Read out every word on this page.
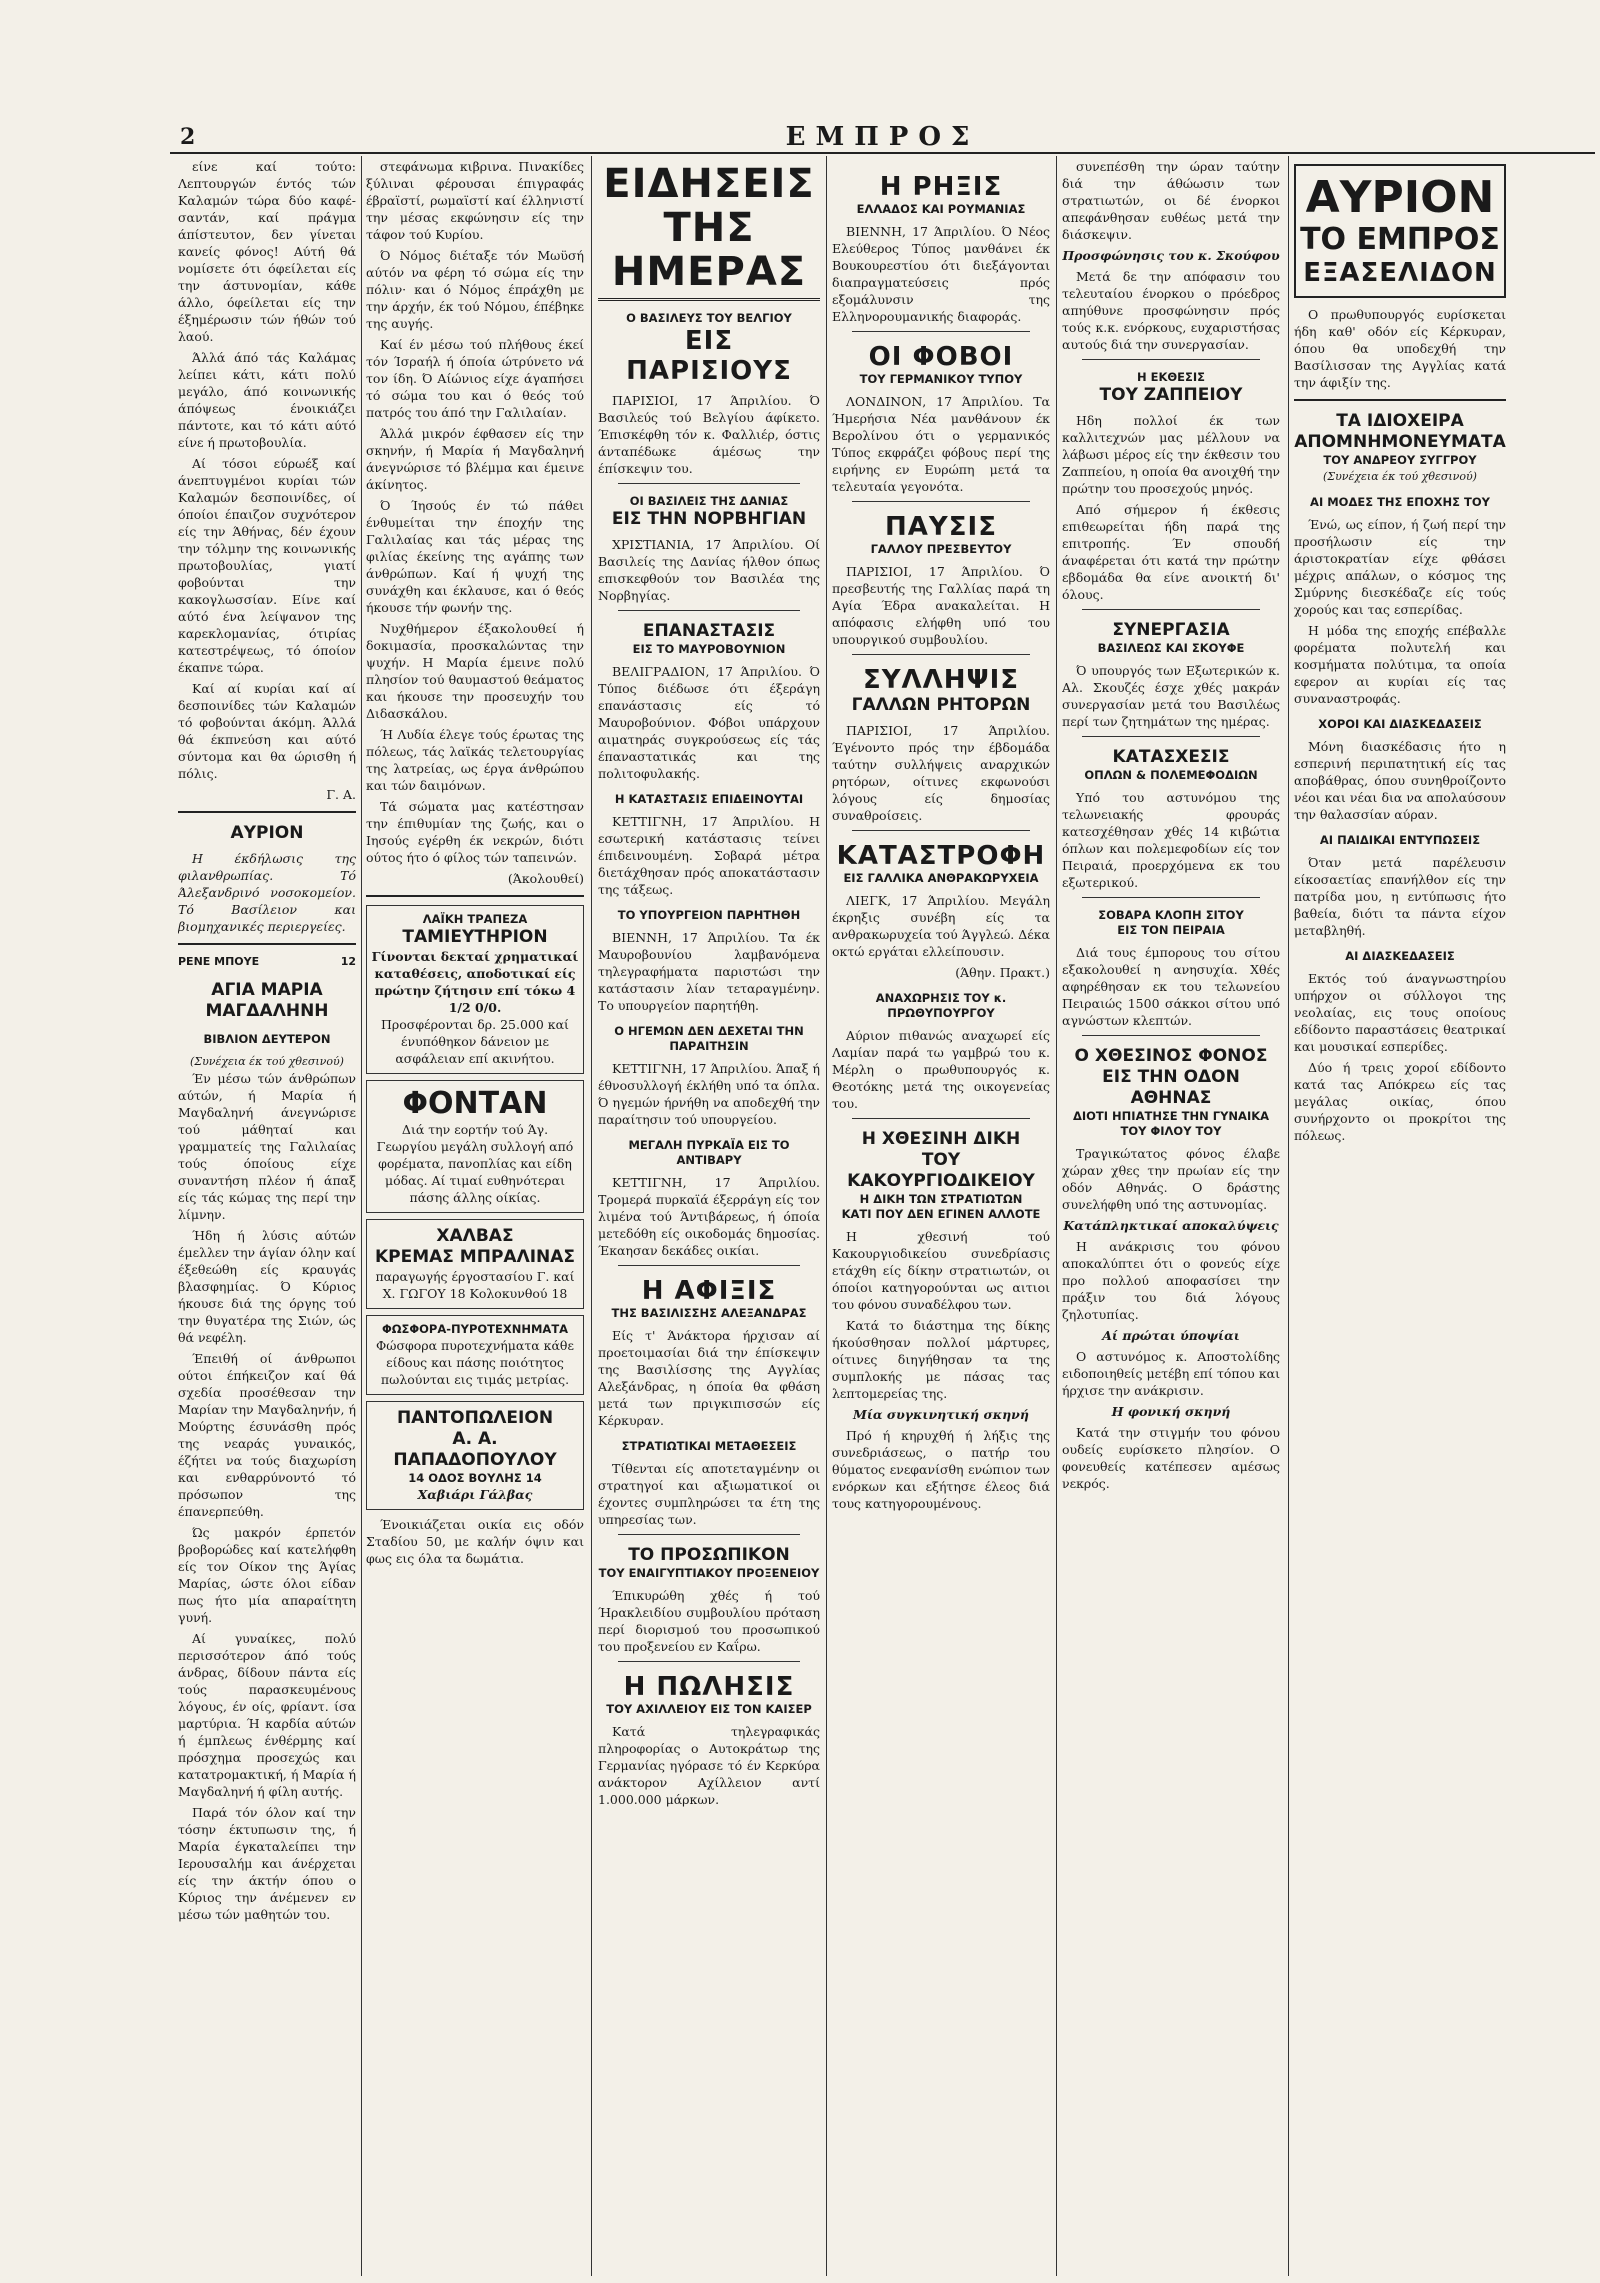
2	ΕΜΠΡΟΣ

είνε καί τούτο: Λεπτουργών έντός τών Καλαμών τώρα δύο καφέ-σαντάν, καί πράγμα άπίστευτον, δεν γίνεται κανείς φόνος! Αύτή θά νομίσετε ότι όφείλεται είς την άστυνομίαν, κάθε άλλο, όφείλεται είς την έξημέρωσιν τών ήθών τού λαού.

Άλλά άπό τάς Καλάμας λείπει κάτι, κάτι πολύ μεγάλο, άπό κοινωνικής άπόψεως ένοικιάζει πάντοτε, και τό κάτι αύτό είνε ή πρωτοβουλία.

Αί τόσοι εύρωέξ καί άνεπτυγμένοι κυρίαι τών Καλαμών δεσποινίδες, οί όποίοι έπαιζον συχνότερον είς την Άθήνας, δέν έχουν την τόλμην της κοινωνικής πρωτοβουλίας, γιατί φοβούνται την κακογλωσσίαν. Είνε καί αύτό ένα λείψανον της καρεκλομανίας, ότιρίας κατεστρέψεως, τό όποίον έκαπνε τώρα.

Καί αί κυρίαι καί αί δεσποινίδες τών Καλαμών τό φοβούνται άκόμη. Άλλά θά έκπνεύση και αύτό σύντομα και θα ώρισθη ή πόλις.

Γ. Α.
ΑΥΡΙΟΝ

Η έκδήλωσις της φιλανθρωπίας. Τό Άλεξανδρινό νοσοκομείον. Τό Βασίλειον και βιομηχανικές περιεργείες.

ΡΕΝΕ ΜΠΟΥΕ	12
ΑΓΙΑ ΜΑΡΙΑ ΜΑΓΔΑΛΗΝΗ
ΒΙΒΛΙΟΝ ΔΕΥΤΕΡΟΝ
(Συνέχεια έκ τού χθεσινού)

Έν μέσω τών άνθρώπων αύτών, ή Μαρία ή Μαγδαληνή άνεγνώρισε τού μάθηταί και γραμματείς της Γαλιλαίας τούς όποίους είχε συναντήση πλέον ή άπαξ είς τάς κώμας της περί την λίμνην.

Ήδη ή λύσις αύτών έμελλεν την άγίαν όλην καί έξεθεώθη είς κραυγάς βλασφημίας. Ό Κύριος ήκουσε διά της όργης τού την θυγατέρα της Σιών, ώς θά νεφέλη.

Έπειθή οί άνθρωποι ούτοι έπήκειζον καί θά σχεδία προσέθεσαν την Μαρίαν την Μαγδαληνήν, ή Μούρτης έσυνάσθη πρός της νεαράς γυναικός, έζήτει να τούς διαχωρίση και ενθαρρύνοντό τό πρόσωπον της έπανερπεύθη.

Ώς μακρόν έρπετόν βροβορώδες καί κατελήφθη είς τον Οίκον της Άγίας Μαρίας, ώστε όλοι είδαν πως ήτο μία απαραίτητη γυνή.

Αί γυναίκες, πολύ περισσότερον άπό τούς άνδρας, δίδουν πάντα είς τούς παρασκευμένους λόγους, έν οίς, φρίαντ. ίσα μαρτύρια. Ή καρδία αύτών ή έμπλεως ένθέρμης καί πρόσχημα προσεχώς και κατατρομακτική, ή Μαρία ή Μαγδαληνή ή φίλη αυτής.

Παρά τόν όλον καί την τόσην έκτυπωσιν της, ή Μαρία έγκαταλείπει την Ιερουσαλήμ και άνέρχεται είς την άκτήν όπου ο Κύριος την άνέμενεν εν μέσω τών μαθητών του.

στεφάνωμα κιβρινα. Πινακίδες ξύλιναι φέρουσαι έπιγραφάς έβραϊστί, ρωμαϊστί καί έλληνιστί την μέσας εκφώνησιν είς την τάφον τού Κυρίου.

Ό Νόμος διέταξε τόν Μωϋσή αύτόν να φέρη τό σώμα είς την πόλιν· και ό Νόμος έπράχθη με την άρχήν, έκ τού Νόμου, έπέβηκε της αυγής.

Καί έν μέσω τού πλήθους έκεί τόν Ίσραήλ ή όποία ώτρύνετο νά τον ίδη. Ό Αίώνιος είχε άγαπήσει τό σώμα του και ό θεός τού πατρός του άπό την Γαλιλαίαν.

Άλλά μικρόν έφθασεν είς την σκηνήν, ή Μαρία ή Μαγδαληνή άνεγνώρισε τό βλέμμα και έμεινε άκίνητος.

Ό Ίησούς έν τώ πάθει ένθυμείται την έποχήν της Γαλιλαίας και τάς μέρας της φιλίας έκείνης της αγάπης των άνθρώπων. Καί ή ψυχή της συνάχθη και έκλαυσε, και ό θεός ήκουσε τήν φωνήν της.

Νυχθήμερον έξακολουθεί ή δοκιμασία, προσκαλώντας την ψυχήν. Η Μαρία έμεινε πολύ πλησίον τού θαυμαστού θεάματος και ήκουσε την προσευχήν του Διδασκάλου.

Ή Λυδία έλεγε τούς έρωτας της πόλεως, τάς λαϊκάς τελετουργίας της λατρείας, ως έργα άνθρώπου και τών δαιμόνων.

Τά σώματα μας κατέστησαν την έπιθυμίαν της ζωής, και ο Ιησούς εγέρθη έκ νεκρών, διότι ούτος ήτο ό φίλος τών ταπεινών.

(Άκολουθεί)
ΛΑΪΚΗ ΤΡΑΠΕΖΑ
ΤΑΜΙΕΥΤΗΡΙΟΝ
Γίνονται δεκταί χρηματικαί καταθέσεις, αποδοτικαί είς πρώτην ζήτησιν επί τόκω 4 1/2 0/0.
Προσφέρονται δρ. 25.000 καί ένυπόθηκον δάνειον με ασφάλειαν επί ακινήτου.
ΦΟΝΤΑΝ
Διά την εορτήν τού Άγ. Γεωργίου μεγάλη συλλογή από φορέματα, πανοπλίας και είδη μόδας. Αί τιμαί ευθηνότεραι πάσης άλλης οίκίας.
ΧΑΛΒΑΣ
ΚΡΕΜΑΣ ΜΠΡΑΛΙΝΑΣ
παραγωγής έργοστασίου Γ. καί Χ. ΓΩΓΟΥ 18 Κολοκυνθού 18
ΦΩΣΦΟΡΑ-ΠΥΡΟΤΕΧΝΗΜΑΤΑ
Φώσφορα πυροτεχνήματα κάθε είδους και πάσης ποιότητος πωλούνται εις τιμάς μετρίας.
ΠΑΝΤΟΠΩΛΕΙΟΝ
Α. Α. ΠΑΠΑΔΟΠΟΥΛΟΥ
14 ΟΔΟΣ ΒΟΥΛΗΣ 14
Χαβιάρι Γάλβας

Ένοικιάζεται οικία εις οδόν Σταδίου 50, με καλήν όψιν και φως εις όλα τα δωμάτια.

ΕΙΔΗΣΕΙΣ ΤΗΣ ΗΜΕΡΑΣ
Ο ΒΑΣΙΛΕΥΣ ΤΟΥ ΒΕΛΓΙΟΥ
ΕΙΣ ΠΑΡΙΣΙΟΥΣ

ΠΑΡΙΣΙΟΙ, 17 Άπριλίου. Ό Βασιλεύς τού Βελγίου άφίκετο. Έπισκέφθη τόν κ. Φαλλιέρ, όστις άνταπέδωκε άμέσως την έπίσκεψιν του.

ΟΙ ΒΑΣΙΛΕΙΣ ΤΗΣ ΔΑΝΙΑΣ
ΕΙΣ ΤΗΝ ΝΟΡΒΗΓΙΑΝ

ΧΡΙΣΤΙΑΝΙΑ, 17 Άπριλίου. Οί Βασιλείς της Δανίας ήλθον όπως επισκεφθούν τον Βασιλέα της Νορβηγίας.

ΕΠΑΝΑΣΤΑΣΙΣ
ΕΙΣ ΤΟ ΜΑΥΡΟΒΟΥΝΙΟΝ

ΒΕΛΙΓΡΑΔΙΟΝ, 17 Άπριλίου. Ό Τύπος διέδωσε ότι έξεράγη επανάστασις είς τό Μαυροβούνιον. Φόβοι υπάρχουν αιματηράς συγκρούσεως είς τάς έπαναστατικάς και της πολιτοφυλακής.

Η ΚΑΤΑΣΤΑΣΙΣ ΕΠΙΔΕΙΝΟΥΤΑΙ

ΚΕΤΤΙΓΝΗ, 17 Άπριλίου. Η εσωτερική κατάστασις τείνει έπιδεινουμένη. Σοβαρά μέτρα διετάχθησαν πρός αποκατάστασιν της τάξεως.

ΤΟ ΥΠΟΥΡΓΕΙΟΝ ΠΑΡΗΤΗΘΗ

ΒΙΕΝΝΗ, 17 Άπριλίου. Τα έκ Μαυροβουνίου λαμβανόμενα τηλεγραφήματα παριστώσι την κατάστασιν λίαν τεταραγμένην. Το υπουργείον παρητήθη.

Ο ΗΓΕΜΩΝ ΔΕΝ ΔΕΧΕΤΑΙ ΤΗΝ ΠΑΡΑΙΤΗΣΙΝ

ΚΕΤΤΙΓΝΗ, 17 Άπριλίου. Άπαξ ή έθνοσυλλογή έκλήθη υπό τα όπλα. Ό ηγεμών ήρνήθη να αποδεχθή την παραίτησιν τού υπουργείου.

ΜΕΓΑΛΗ ΠΥΡΚΑΪΑ ΕΙΣ ΤΟ ΑΝΤΙΒΑΡΥ

ΚΕΤΤΙΓΝΗ, 17 Άπριλίου. Τρομερά πυρκαϊά έξερράγη είς τον λιμένα τού Άντιβάρεως, ή όποία μετεδόθη είς οικοδομάς δημοσίας. Έκαησαν δεκάδες οικίαι.

Η ΑΦΙΞΙΣ
ΤΗΣ ΒΑΣΙΛΙΣΣΗΣ ΑΛΕΞΑΝΔΡΑΣ

Είς τ' Άνάκτορα ήρχισαν αί προετοιμασίαι διά την έπίσκεψιν της Βασιλίσσης της Αγγλίας Αλεξάνδρας, η όποία θα φθάση μετά των πριγκιπισσών είς Κέρκυραν.

ΣΤΡΑΤΙΩΤΙΚΑΙ ΜΕΤΑΘΕΣΕΙΣ

Τίθενται είς αποτεταγμένην οι στρατηγοί και αξιωματικοί οι έχοντες συμπληρώσει τα έτη της υπηρεσίας των.

ΤΟ ΠΡΟΣΩΠΙΚΟΝ
ΤΟΥ ΕΝΑΙΓΥΠΤΙΑΚΟΥ ΠΡΟΞΕΝΕΙΟΥ

Έπικυρώθη χθές ή τού Ήρακλειδίου συμβουλίου πρόταση περί διορισμού του προσωπικού του προξενείου εν Καΐρω.

Η ΠΩΛΗΣΙΣ
ΤΟΥ ΑΧΙΛΛΕΙΟΥ ΕΙΣ ΤΟΝ ΚΑΙΣΕΡ

Κατά τηλεγραφικάς πληροφορίας ο Αυτοκράτωρ της Γερμανίας ηγόρασε τό έν Κερκύρα ανάκτορον Αχίλλειον αντί 1.000.000 μάρκων.

Η ΡΗΞΙΣ
ΕΛΛΑΔΟΣ ΚΑΙ ΡΟΥΜΑΝΙΑΣ

ΒΙΕΝΝΗ, 17 Άπριλίου. Ό Νέος Ελεύθερος Τύπος μανθάνει έκ Βουκουρεστίου ότι διεξάγονται διαπραγματεύσεις πρός εξομάλυνσιν της Ελληνορουμανικής διαφοράς.

ΟΙ ΦΟΒΟΙ
ΤΟΥ ΓΕΡΜΑΝΙΚΟΥ ΤΥΠΟΥ

ΛΟΝΔΙΝΟΝ, 17 Άπριλίου. Τα Ήμερήσια Νέα μανθάνουν έκ Βερολίνου ότι ο γερμανικός Τύπος εκφράζει φόβους περί της ειρήνης εν Ευρώπη μετά τα τελευταία γεγονότα.

ΠΑΥΣΙΣ
ΓΑΛΛΟΥ ΠΡΕΣΒΕΥΤΟΥ

ΠΑΡΙΣΙΟΙ, 17 Άπριλίου. Ό πρεσβευτής της Γαλλίας παρά τη Αγία Έδρα ανακαλείται. Η απόφασις ελήφθη υπό του υπουργικού συμβουλίου.

ΣΥΛΛΗΨΙΣ
ΓΑΛΛΩΝ ΡΗΤΟΡΩΝ

ΠΑΡΙΣΙΟΙ, 17 Άπριλίου. Έγένοντο πρός την έβδομάδα ταύτην συλλήψεις αναρχικών ρητόρων, οίτινες εκφωνούσι λόγους είς δημοσίας συναθροίσεις.

ΚΑΤΑΣΤΡΟΦΗ
ΕΙΣ ΓΑΛΛΙΚΑ ΑΝΘΡΑΚΩΡΥΧΕΙΑ

ΛΙΕΓΚ, 17 Άπριλίου. Μεγάλη έκρηξις συνέβη είς τα ανθρακωρυχεία τού Άγγλεώ. Δέκα οκτώ εργάται ελλείπουσιν.

(Άθην. Πρακτ.)
ΑΝΑΧΩΡΗΣΙΣ ΤΟΥ κ. ΠΡΩΘΥΠΟΥΡΓΟΥ

Αύριον πιθανώς αναχωρεί είς Λαμίαν παρά τω γαμβρώ του κ. Μέρλη ο πρωθυπουργός κ. Θεοτόκης μετά της οικογενείας του.

Η ΧΘΕΣΙΝΗ ΔΙΚΗ
ΤΟΥ ΚΑΚΟΥΡΓΙΟΔΙΚΕΙΟΥ
Η ΔΙΚΗ ΤΩΝ ΣΤΡΑΤΙΩΤΩΝ
ΚΑΤΙ ΠΟΥ ΔΕΝ ΕΓΙΝΕΝ ΑΛΛΟΤΕ

Η χθεσινή τού Κακουργιοδικείου συνεδρίασις ετάχθη είς δίκην στρατιωτών, οι όποίοι κατηγορούνται ως αιτιοι του φόνου συναδέλφου των.

Κατά το διάστημα της δίκης ήκούσθησαν πολλοί μάρτυρες, οίτινες διηγήθησαν τα της συμπλοκής με πάσας τας λεπτομερείας της.

Μία συγκινητική σκηνή

Πρό ή κηρυχθή ή λήξις της συνεδριάσεως, ο πατήρ του θύματος ενεφανίσθη ενώπιον των ενόρκων και εξήτησε έλεος διά τους κατηγορουμένους.

συνεπέσθη την ώραν ταύτην διά την άθώωσιν των στρατιωτών, οι δέ ένορκοι απεφάνθησαν ευθέως μετά την διάσκεψιν.

Προσφώνησις του κ. Σκούφου

Μετά δε την απόφασιν του τελευταίου ένορκου ο πρόεδρος απηύθυνε προσφώνησιν πρός τούς κ.κ. ενόρκους, ευχαριστήσας αυτούς διά την συνεργασίαν.

Η ΕΚΘΕΣΙΣ
ΤΟΥ ΖΑΠΠΕΙΟΥ

Ηδη πολλοί έκ των καλλιτεχνών μας μέλλουν να λάβωσι μέρος είς την έκθεσιν του Ζαππείου, η οποία θα ανοιχθή την πρώτην του προσεχούς μηνός.

Από σήμερον ή έκθεσις επιθεωρείται ήδη παρά της επιτροπής. Έν σπουδή άναφέρεται ότι κατά την πρώτην εβδομάδα θα είνε ανοικτή δι' όλους.

ΣΥΝΕΡΓΑΣΙΑ
ΒΑΣΙΛΕΩΣ ΚΑΙ ΣΚΟΥΦΕ

Ό υπουργός των Εξωτερικών κ. Αλ. Σκουζές έσχε χθές μακράν συνεργασίαν μετά του Βασιλέως περί των ζητημάτων της ημέρας.

ΚΑΤΑΣΧΕΣΙΣ
ΟΠΛΩΝ & ΠΟΛΕΜΕΦΟΔΙΩΝ

Υπό του αστυνόμου της τελωνειακής φρουράς κατεσχέθησαν χθές 14 κιβώτια όπλων και πολεμεφοδίων είς τον Πειραιά, προερχόμενα εκ του εξωτερικού.

ΣΟΒΑΡΑ ΚΛΟΠΗ ΣΙΤΟΥ
ΕΙΣ ΤΟΝ ΠΕΙΡΑΙΑ

Διά τους έμπορους του σίτου εξακολουθεί η ανησυχία. Χθές αφηρέθησαν εκ του τελωνείου Πειραιώς 1500 σάκκοι σίτου υπό αγνώστων κλεπτών.

Ο ΧΘΕΣΙΝΟΣ ΦΟΝΟΣ
ΕΙΣ ΤΗΝ ΟΔΟΝ ΑΘΗΝΑΣ
ΔΙΟΤΙ ΗΠΙΑΤΗΣΕ ΤΗΝ ΓΥΝΑΙΚΑ
ΤΟΥ ΦΙΛΟΥ ΤΟΥ

Τραγικώτατος φόνος έλαβε χώραν χθες την πρωίαν είς την οδόν Αθηνάς. Ο δράστης συνελήφθη υπό της αστυνομίας.

Κατάπληκτικαί αποκαλύψεις

Η ανάκρισις του φόνου αποκαλύπτει ότι ο φονεύς είχε προ πολλού αποφασίσει την πράξιν του διά λόγους ζηλοτυπίας.

Αί πρώται ύποψίαι

Ο αστυνόμος κ. Αποστολίδης ειδοποιηθείς μετέβη επί τόπου και ήρχισε την ανάκρισιν.

Η φονική σκηνή

Κατά την στιγμήν του φόνου ουδείς ευρίσκετο πλησίον. Ο φονευθείς κατέπεσεν αμέσως νεκρός.

ΑΥΡΙΟΝ
ΤΟ ΕΜΠΡΟΣ
ΕΞΑΣΕΛΙΔΟΝ

Ο πρωθυπουργός ευρίσκεται ήδη καθ' οδόν είς Κέρκυραν, όπου θα υποδεχθή την Βασίλισσαν της Αγγλίας κατά την άφιξίν της.

ΤΑ ΙΔΙΟΧΕΙΡΑ
ΑΠΟΜΝΗΜΟΝΕΥΜΑΤΑ
ΤΟΥ ΑΝΔΡΕΟΥ ΣΥΓΓΡΟΥ
(Συνέχεια έκ τού χθεσινού)
ΑΙ ΜΟΔΕΣ ΤΗΣ ΕΠΟΧΗΣ ΤΟΥ

Ένώ, ως είπον, ή ζωή περί την προσήλωσιν είς την άριστοκρατίαν είχε φθάσει μέχρις απάλων, ο κόσμος της Σμύρνης διεσκέδαζε είς τούς χορούς και τας εσπερίδας.

Η μόδα της εποχής επέβαλλε φορέματα πολυτελή και κοσμήματα πολύτιμα, τα οποία εφερον αι κυρίαι είς τας συναναστροφάς.

ΧΟΡΟΙ ΚΑΙ ΔΙΑΣΚΕΔΑΣΕΙΣ

Μόνη διασκέδασις ήτο η εσπερινή περιπατητική είς τας αποβάθρας, όπου συνηθροίζοντο νέοι και νέαι δια να απολαύσουν την θαλασσίαν αύραν.

ΑΙ ΠΑΙΔΙΚΑΙ ΕΝΤΥΠΩΣΕΙΣ

Όταν μετά παρέλευσιν είκοσαετίας επανήλθον είς την πατρίδα μου, η εντύπωσις ήτο βαθεία, διότι τα πάντα είχον μεταβληθή.

ΑΙ ΔΙΑΣΚΕΔΑΣΕΙΣ

Εκτός τού άναγνωστηρίου υπήρχον οι σύλλογοι της νεολαίας, εις τους οποίους εδίδοντο παραστάσεις θεατρικαί και μουσικαί εσπερίδες.

Δύο ή τρεις χοροί εδίδοντο κατά τας Απόκρεω είς τας μεγάλας οικίας, όπου συνήρχοντο οι προκρίτοι της πόλεως.
